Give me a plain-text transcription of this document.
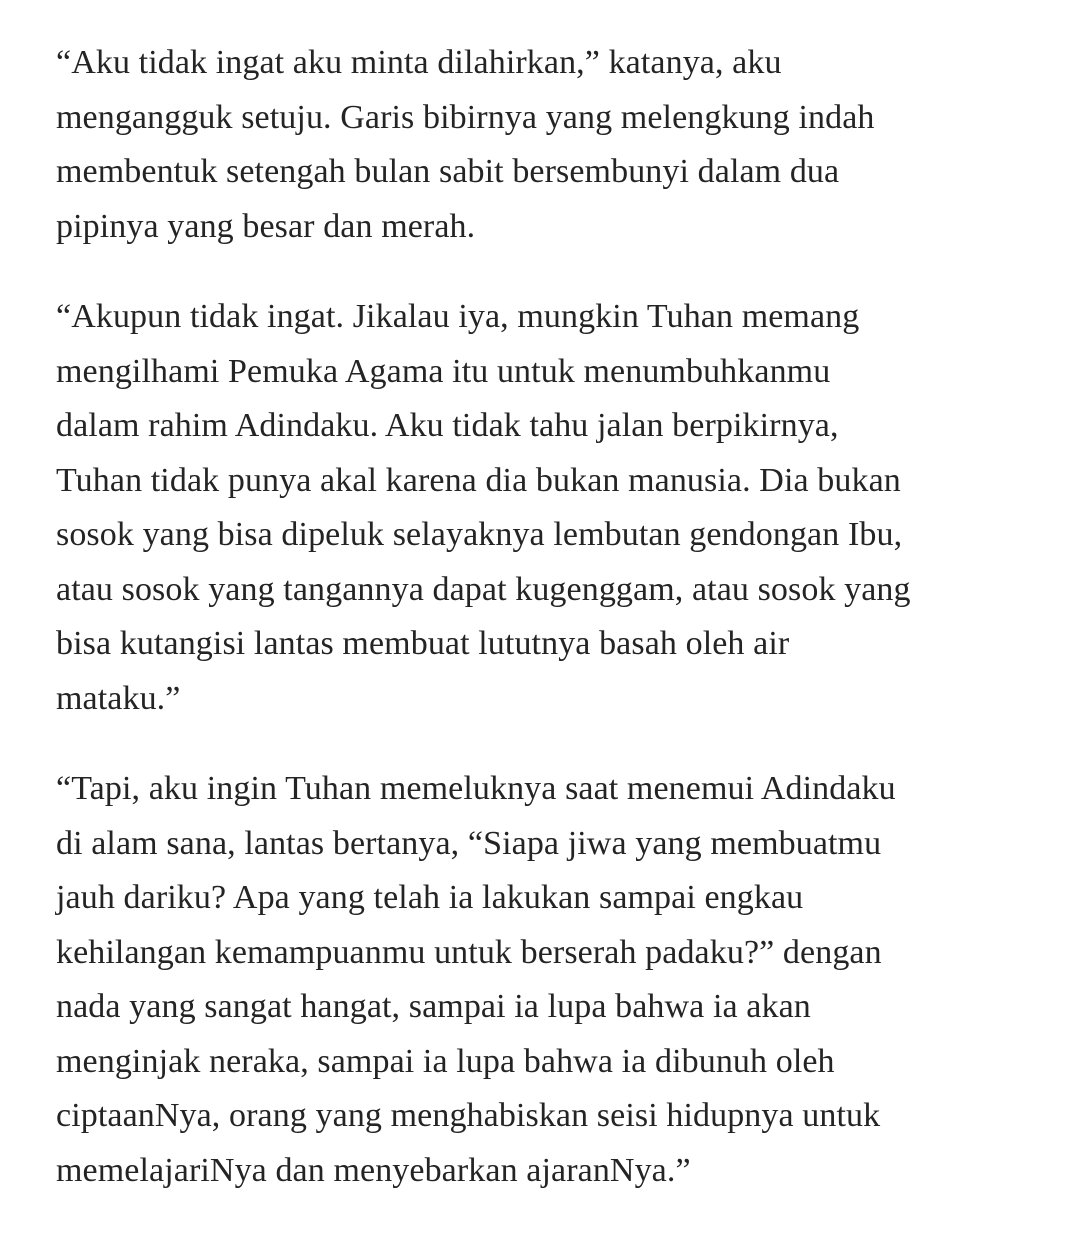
“Aku tidak ingat aku minta dilahirkan,” katanya, aku
mengangguk setuju. Garis bibirnya yang melengkung indah
membentuk setengah bulan sabit bersembunyi dalam dua
pipinya yang besar dan merah.

“Akupun tidak ingat. Jikalau iya, mungkin Tuhan memang
mengilhami Pemuka Agama itu untuk menumbuhkanmu
dalam rahim Adindaku. Aku tidak tahu jalan berpikirnya,
Tuhan tidak punya akal karena dia bukan manusia. Dia bukan
sosok yang bisa dipeluk selayaknya lembutan gendongan Ibu,
atau sosok yang tangannya dapat kugenggam, atau sosok yang
bisa kutangisi lantas membuat lututnya basah oleh air
mataku.”

“Tapi, aku ingin Tuhan memeluknya saat menemui Adindaku
di alam sana, lantas bertanya, “Siapa jiwa yang membuatmu
jauh dariku? Apa yang telah ia lakukan sampai engkau
kehilangan kemampuanmu untuk berserah padaku?” dengan
nada yang sangat hangat, sampai ia lupa bahwa ia akan
menginjak neraka, sampai ia lupa bahwa ia dibunuh oleh
ciptaanNya, orang yang menghabiskan seisi hidupnya untuk
memelajariNya dan menyebarkan ajaranNya.”
